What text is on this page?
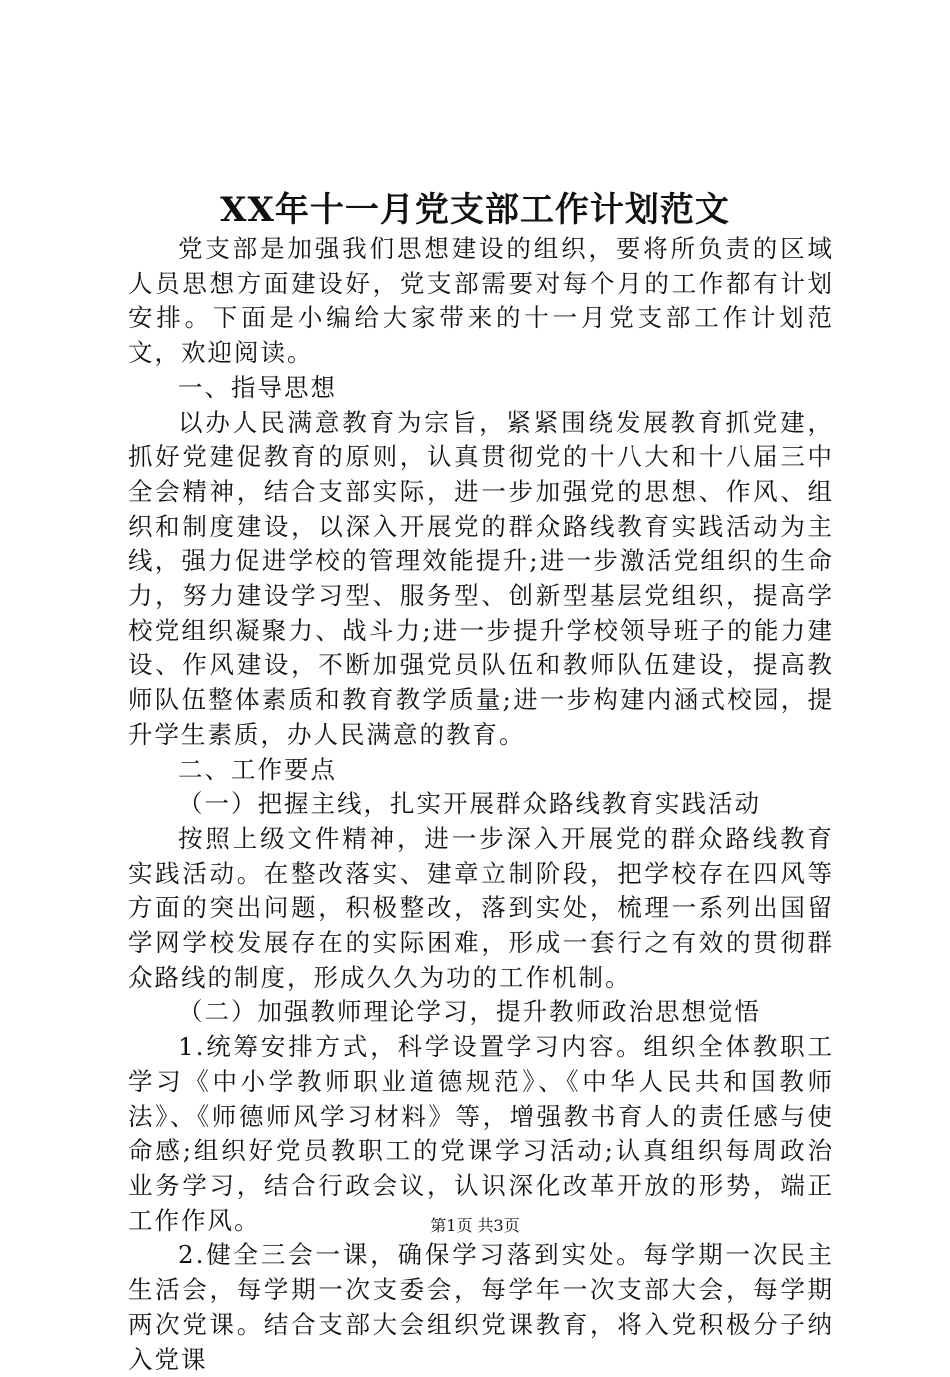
XX年十一月党支部工作计划范文

党支部是加强我们思想建设的组织，要将所负责的区域人员思想方面建设好，党支部需要对每个月的工作都有计划安排。下面是小编给大家带来的十一月党支部工作计划范文，欢迎阅读。

一、指导思想

以办人民满意教育为宗旨，紧紧围绕发展教育抓党建，抓好党建促教育的原则，认真贯彻党的十八大和十八届三中全会精神，结合支部实际，进一步加强党的思想、作风、组织和制度建设，以深入开展党的群众路线教育实践活动为主线，强力促进学校的管理效能提升;进一步激活党组织的生命力，努力建设学习型、服务型、创新型基层党组织，提高学校党组织凝聚力、战斗力;进一步提升学校领导班子的能力建设、作风建设，不断加强党员队伍和教师队伍建设，提高教师队伍整体素质和教育教学质量;进一步构建内涵式校园，提升学生素质，办人民满意的教育。

二、工作要点

（一）把握主线，扎实开展群众路线教育实践活动

按照上级文件精神，进一步深入开展党的群众路线教育实践活动。在整改落实、建章立制阶段，把学校存在四风等方面的突出问题，积极整改，落到实处，梳理一系列出国留学网学校发展存在的实际困难，形成一套行之有效的贯彻群众路线的制度，形成久久为功的工作机制。

（二）加强教师理论学习，提升教师政治思想觉悟

1.统筹安排方式，科学设置学习内容。组织全体教职工学习《中小学教师职业道德规范》、《中华人民共和国教师法》、《师德师风学习材料》等，增强教书育人的责任感与使命感;组织好党员教职工的党课学习活动;认真组织每周政治业务学习，结合行政会议，认识深化改革开放的形势，端正工作作风。

2.健全三会一课，确保学习落到实处。每学期一次民主生活会，每学期一次支委会，每学年一次支部大会，每学期两次党课。结合支部大会组织党课教育，将入党积极分子纳入党课

第1页 共3页
